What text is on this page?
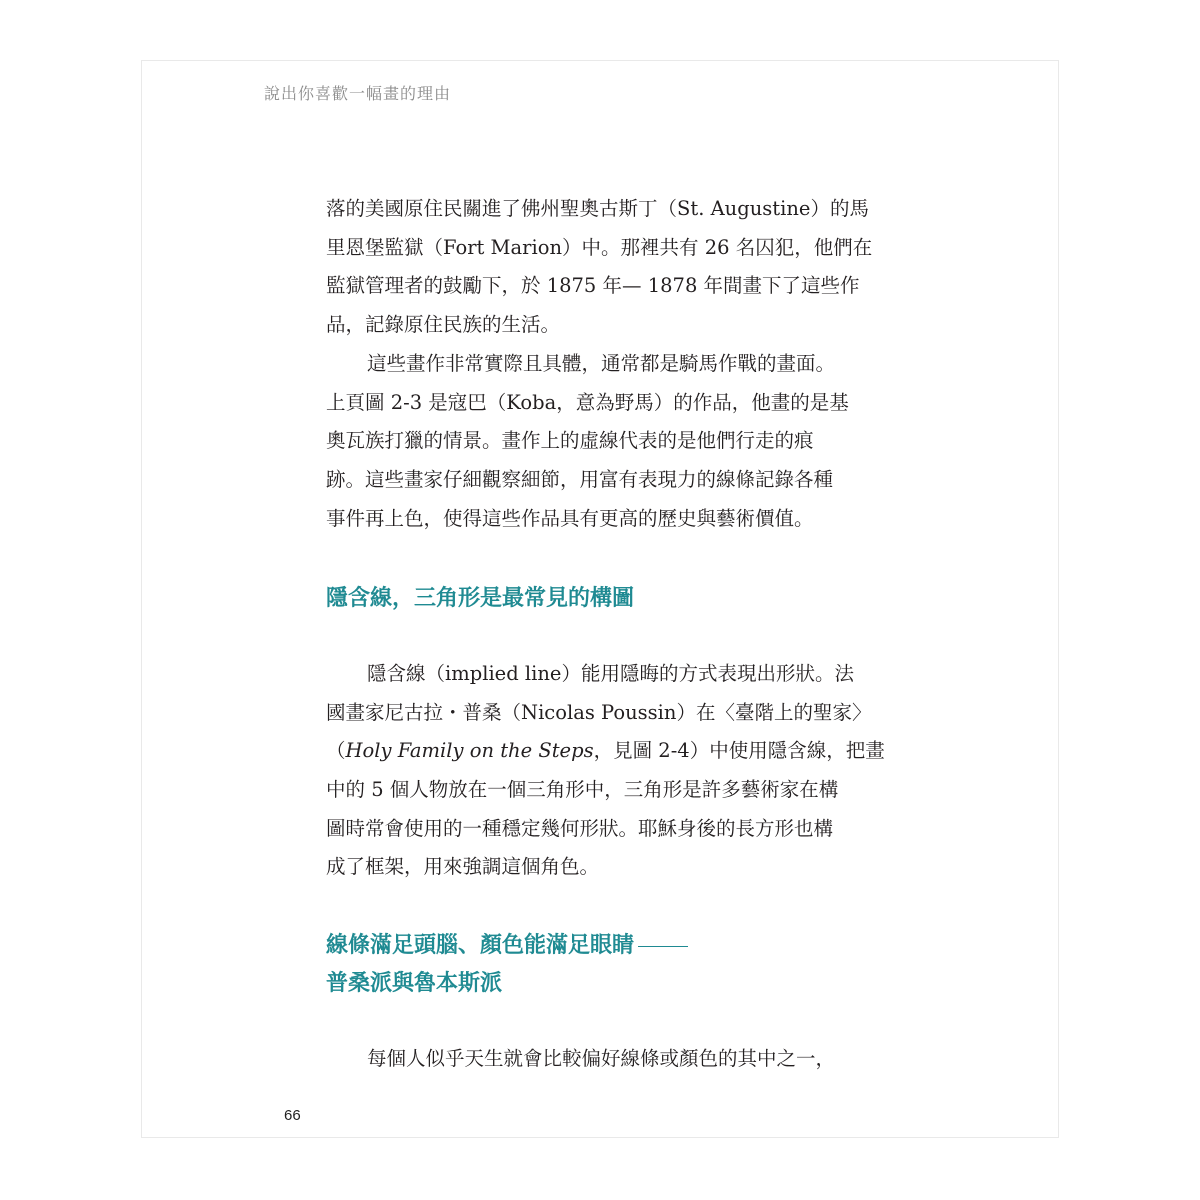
說出你喜歡一幅畫的理由

落的美國原住民關進了佛州聖奧古斯丁（St. Augustine）的馬
里恩堡監獄（Fort Marion）中。那裡共有 26 名囚犯，他們在
監獄管理者的鼓勵下，於 1875 年— 1878 年間畫下了這些作
品，記錄原住民族的生活。

這些畫作非常實際且具體，通常都是騎馬作戰的畫面。
上頁圖 2-3 是寇巴（Koba，意為野馬）的作品，他畫的是基
奧瓦族打獵的情景。畫作上的虛線代表的是他們行走的痕
跡。這些畫家仔細觀察細節，用富有表現力的線條記錄各種
事件再上色，使得這些作品具有更高的歷史與藝術價值。

隱含線，三角形是最常見的構圖

隱含線（implied line）能用隱晦的方式表現出形狀。法
國畫家尼古拉・普桑（Nicolas Poussin）在〈臺階上的聖家〉
（Holy Family on the Steps，見圖 2-4）中使用隱含線，把畫
中的 5 個人物放在一個三角形中，三角形是許多藝術家在構
圖時常會使用的一種穩定幾何形狀。耶穌身後的長方形也構
成了框架，用來強調這個角色。

線條滿足頭腦、顏色能滿足眼睛
普桑派與魯本斯派

每個人似乎天生就會比較偏好線條或顏色的其中之一，

66
